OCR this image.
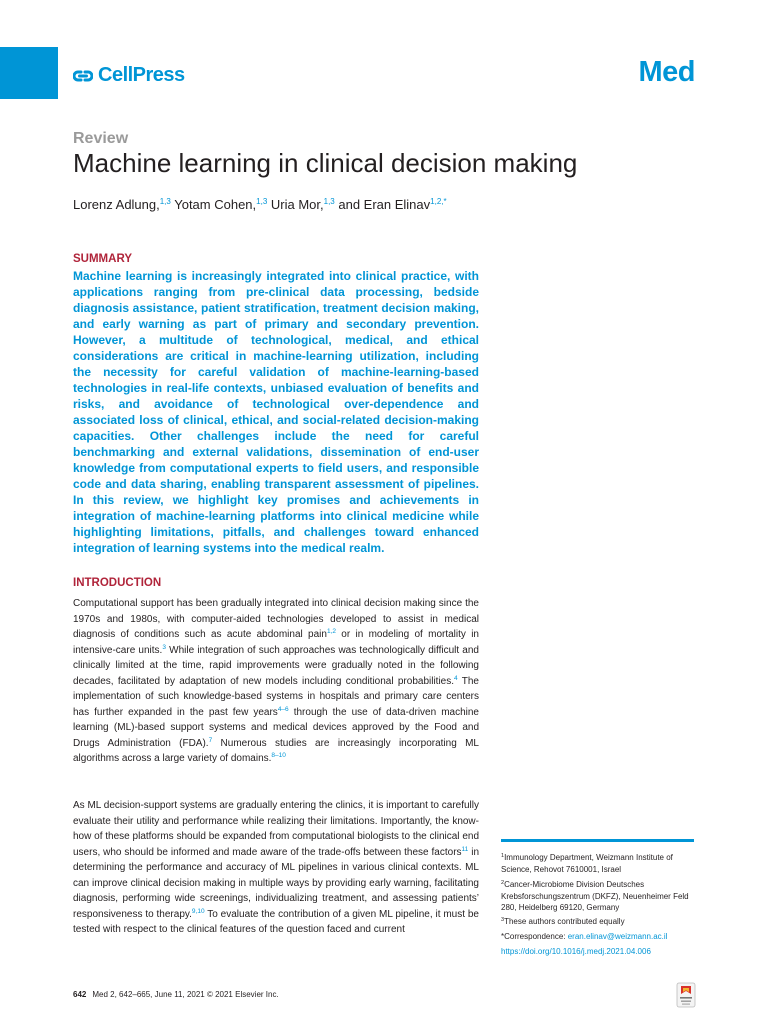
CellPress	Med
Review
Machine learning in clinical decision making
Lorenz Adlung,$^{1,3}$ Yotam Cohen,$^{1,3}$ Uria Mor,$^{1,3}$ and Eran Elinav$^{1,2,*}$
SUMMARY

Machine learning is increasingly integrated into clinical practice, with applications ranging from pre-clinical data processing, bedside diagnosis assistance, patient stratification, treatment decision making, and early warning as part of primary and secondary prevention. However, a multitude of technological, medical, and ethical considerations are critical in machine-learning utilization, including the necessity for careful validation of machine-learning-based technologies in real-life contexts, unbiased evaluation of benefits and risks, and avoidance of technological over-dependence and associated loss of clinical, ethical, and social-related decision-making capacities. Other challenges include the need for careful benchmarking and external validations, dissemination of end-user knowledge from computational experts to field users, and responsible code and data sharing, enabling transparent assessment of pipelines. In this review, we highlight key promises and achievements in integration of machine-learning platforms into clinical medicine while highlighting limitations, pitfalls, and challenges toward enhanced integration of learning systems into the medical realm.

INTRODUCTION

Computational support has been gradually integrated into clinical decision making since the 1970s and 1980s, with computer-aided technologies developed to assist in medical diagnosis of conditions such as acute abdominal pain$^{1,2}$ or in modeling of mortality in intensive-care units.$^3$ While integration of such approaches was technologically difficult and clinically limited at the time, rapid improvements were gradually noted in the following decades, facilitated by adaptation of new models including conditional probabilities.$^4$ The implementation of such knowledge-based systems in hospitals and primary care centers has further expanded in the past few years$^{4-6}$ through the use of data-driven machine learning (ML)-based support systems and medical devices approved by the Food and Drugs Administration (FDA).$^7$ Numerous studies are increasingly incorporating ML algorithms across a large variety of domains.$^{8-10}$

As ML decision-support systems are gradually entering the clinics, it is important to carefully evaluate their utility and performance while realizing their limitations. Importantly, the know-how of these platforms should be expanded from computational biologists to the clinical end users, who should be informed and made aware of the trade-offs between these factors$^{11}$ in determining the performance and accuracy of ML pipelines in various clinical contexts. ML can improve clinical decision making in multiple ways by providing early warning, facilitating diagnosis, performing wide screenings, individualizing treatment, and assessing patients’ responsiveness to therapy.$^{9,10}$ To evaluate the contribution of a given ML pipeline, it must be tested with respect to the clinical features of the question faced and current

$^1$Immunology Department, Weizmann Institute of Science, Rehovot 7610001, Israel

$^2$Cancer-Microbiome Division Deutsches Krebsforschungszentrum (DKFZ), Neuenheimer Feld 280, Heidelberg 69120, Germany

$^3$These authors contributed equally

*Correspondence: eran.elinav@weizmann.ac.il

https://doi.org/10.1016/j.medj.2021.04.006
642 Med 2, 642–665, June 11, 2021 © 2021 Elsevier Inc.
